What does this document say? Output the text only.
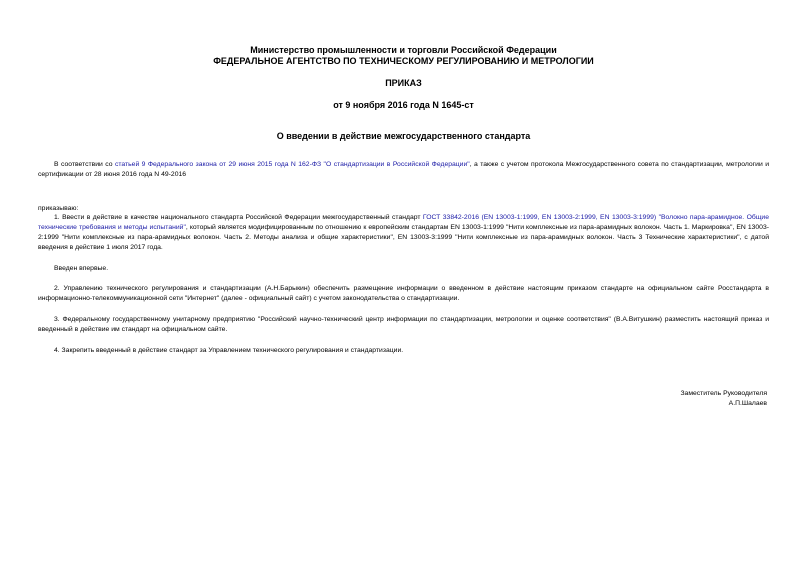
Министерство промышленности и торговли Российской Федерации
ФЕДЕРАЛЬНОЕ АГЕНТСТВО ПО ТЕХНИЧЕСКОМУ РЕГУЛИРОВАНИЮ И МЕТРОЛОГИИ
ПРИКАЗ
от 9 ноября 2016 года N 1645-ст
О введении в действие межгосударственного стандарта
В соответствии со статьей 9 Федерального закона от 29 июня 2015 года N 162-ФЗ "О стандартизации в Российской Федерации", а также с учетом протокола Межгосударственного совета по стандартизации, метрологии и сертификации от 28 июня 2016 года N 49-2016
приказываю:
1. Ввести в действие в качестве национального стандарта Российской Федерации межгосударственный стандарт ГОСТ 33842-2016 (EN 13003-1:1999, EN 13003-2:1999, EN 13003-3:1999) "Волокно пара-арамидное. Общие технические требования и методы испытаний", который является модифицированным по отношению к европейским стандартам EN 13003-1:1999 "Нити комплексные из пара-арамидных волокон. Часть 1. Маркировка", EN 13003-2:1999 "Нити комплексные из пара-арамидных волокон. Часть 2. Методы анализа и общие характеристики", EN 13003-3:1999 "Нити комплексные из пара-арамидных волокон. Часть 3 Технические характеристики", с датой введения в действие 1 июля 2017 года.
Введен впервые.
2. Управлению технического регулирования и стандартизации (А.Н.Барыкин) обеспечить размещение информации о введенном в действие настоящим приказом стандарте на официальном сайте Росстандарта в информационно-телекоммуникационной сети "Интернет" (далее - официальный сайт) с учетом законодательства о стандартизации.
3. Федеральному государственному унитарному предприятию "Российский научно-технический центр информации по стандартизации, метрологии и оценке соответствия" (В.А.Витушкин) разместить настоящий приказ и введенный в действие им стандарт на официальном сайте.
4. Закрепить введенный в действие стандарт за Управлением технического регулирования и стандартизации.
Заместитель Руководителя
А.П.Шалаев
